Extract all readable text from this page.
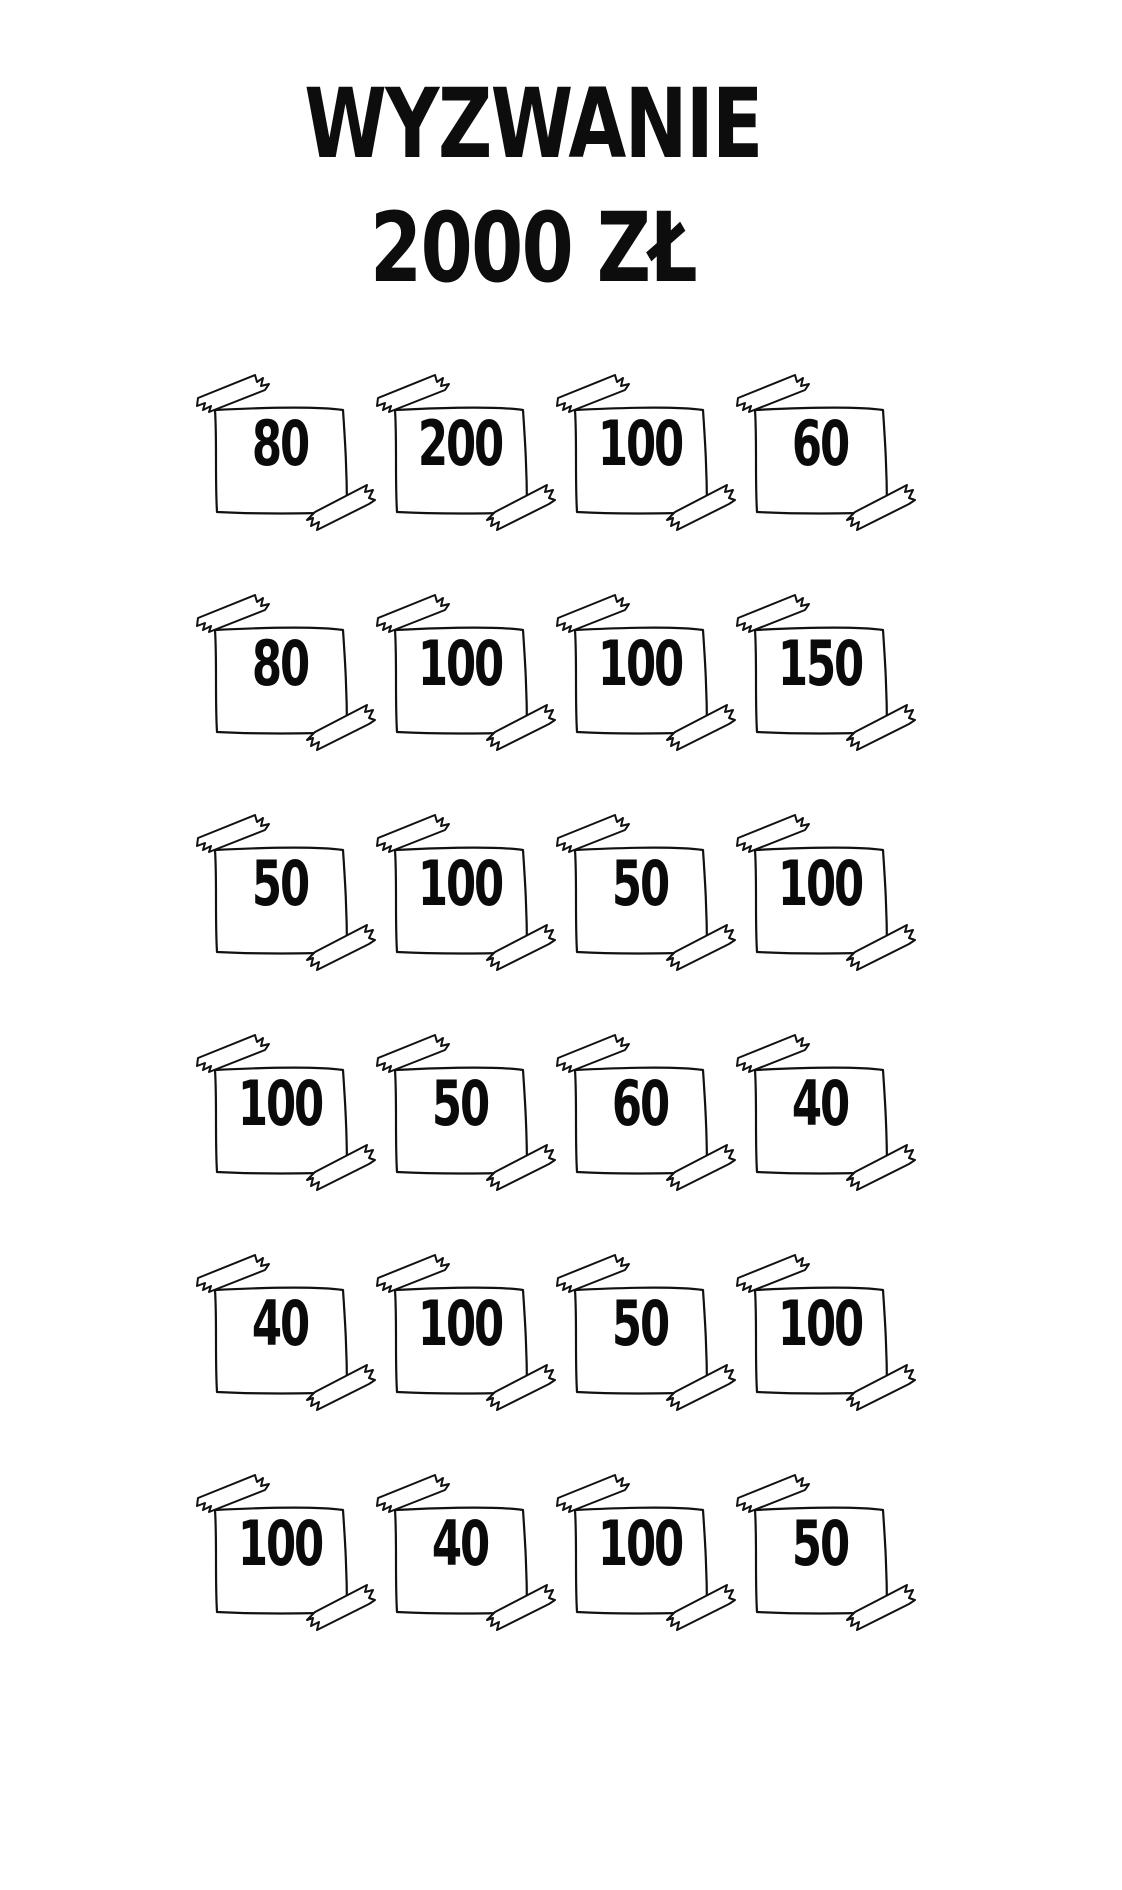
WYZWANIE
2000 ZŁ
80 200 100 60
80 100 100 150
50 100 50 100
100 50 60 40
40 100 50 100
100 40 100 50
